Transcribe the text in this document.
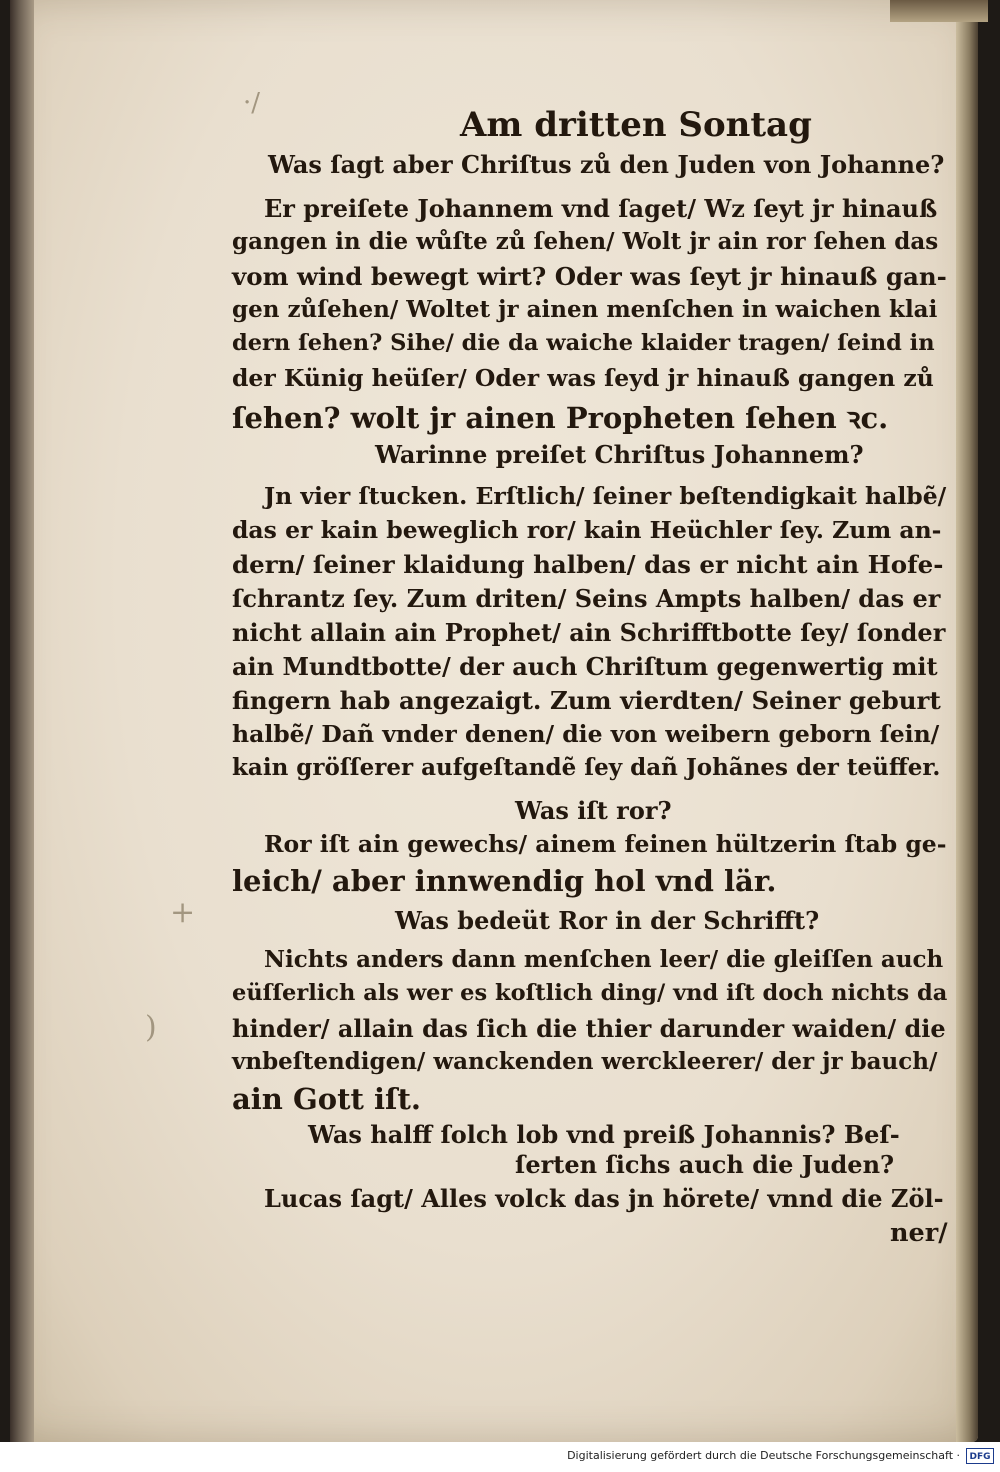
·/
+
)
Am dritten Sontag
Was ſagt aber Chriſtus zů den Juden von Johanne?
Er preiſete Johannem vnd ſaget/ Wz ſeyt jr hinauß
gangen in die wůſte zů ſehen/ Wolt jr ain ror ſehen das
vom wind bewegt wirt? Oder was ſeyt jr hinauß gan‐
gen zůſehen/ Woltet jr ainen menſchen in waichen klai
dern ſehen? Sihe/ die da waiche klaider tragen/ ſeind in
der Künig heüſer/ Oder was ſeyd jr hinauß gangen zů
ſehen? wolt jr ainen Propheten ſehen ꝛc.
Warinne preiſet Chriſtus Johannem?
Jn vier ſtucken. Erſtlich/ ſeiner beſtendigkait halbẽ/
das er kain beweglich ror/ kain Heüchler ſey. Zum an‐
dern/ ſeiner klaidung halben/ das er nicht ain Hofe‐
ſchrantz ſey. Zum driten/ Seins Ampts halben/ das er
nicht allain ain Prophet/ ain Schrifftbotte ſey/ ſonder
ain Mundtbotte/ der auch Chriſtum gegenwertig mit
fingern hab angezaigt. Zum vierdten/ Seiner geburt
halbẽ/ Dañ vnder denen/ die von weibern geborn ſein/
kain gröſſerer aufgeſtandẽ ſey dañ Johãnes der teüffer.
Was iſt ror?
Ror iſt ain gewechs/ ainem feinen hültzerin ſtab ge‐
leich/ aber innwendig hol vnd lär.
Was bedeüt Ror in der Schrifft?
Nichts anders dann menſchen leer/ die gleiſſen auch
eüſſerlich als wer es koſtlich ding/ vnd iſt doch nichts da
hinder/ allain das ſich die thier darunder waiden/ die
vnbeſtendigen/ wanckenden werckleerer/ der jr bauch/
ain Gott iſt.
Was halff ſolch lob vnd preiß Johannis? Beſ‐
ſerten ſichs auch die Juden?
Lucas ſagt/ Alles volck das jn hörete/ vnnd die Zöl‐
ner/
Digitalisierung gefördert durch die Deutsche Forschungsgemeinschaft ·	DFG
